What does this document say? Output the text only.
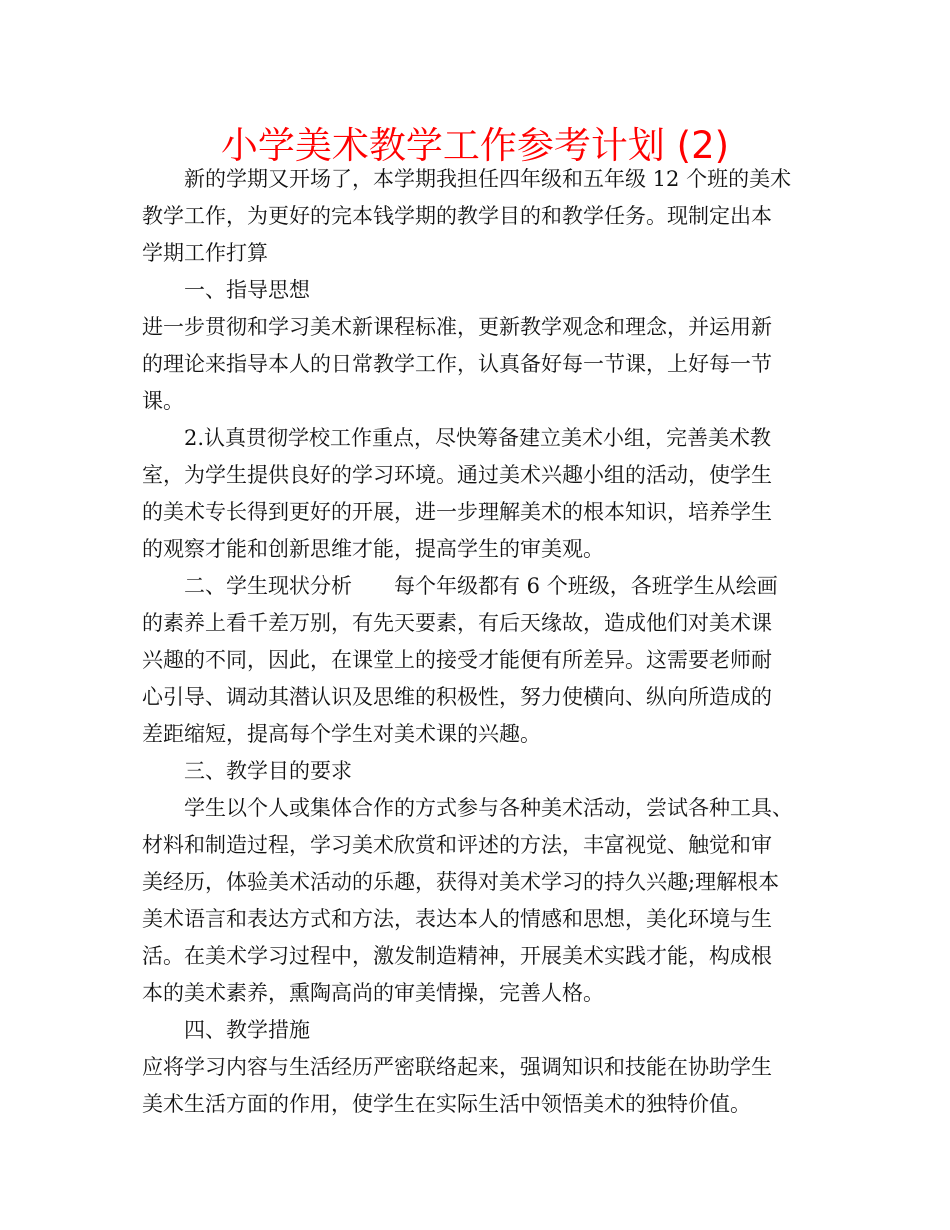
小学美术教学工作参考计划 (2)
新的学期又开场了，本学期我担任四年级和五年级 12 个班的美术
教学工作，为更好的完本钱学期的教学目的和教学任务。现制定出本
学期工作打算
一、指导思想
进一步贯彻和学习美术新课程标准，更新教学观念和理念，并运用新
的理论来指导本人的日常教学工作，认真备好每一节课，上好每一节
课。
2.认真贯彻学校工作重点，尽快筹备建立美术小组，完善美术教
室，为学生提供良好的学习环境。通过美术兴趣小组的活动，使学生
的美术专长得到更好的开展，进一步理解美术的根本知识，培养学生
的观察才能和创新思维才能，提高学生的审美观。
二、学生现状分析　　每个年级都有 6 个班级，各班学生从绘画
的素养上看千差万别，有先天要素，有后天缘故，造成他们对美术课
兴趣的不同，因此，在课堂上的接受才能便有所差异。这需要老师耐
心引导、调动其潜认识及思维的积极性，努力使横向、纵向所造成的
差距缩短，提高每个学生对美术课的兴趣。
三、教学目的要求
学生以个人或集体合作的方式参与各种美术活动，尝试各种工具、
材料和制造过程，学习美术欣赏和评述的方法，丰富视觉、触觉和审
美经历，体验美术活动的乐趣，获得对美术学习的持久兴趣;理解根本
美术语言和表达方式和方法，表达本人的情感和思想，美化环境与生
活。在美术学习过程中，激发制造精神，开展美术实践才能，构成根
本的美术素养，熏陶高尚的审美情操，完善人格。
四、教学措施
应将学习内容与生活经历严密联络起来，强调知识和技能在协助学生
美术生活方面的作用，使学生在实际生活中领悟美术的独特价值。
